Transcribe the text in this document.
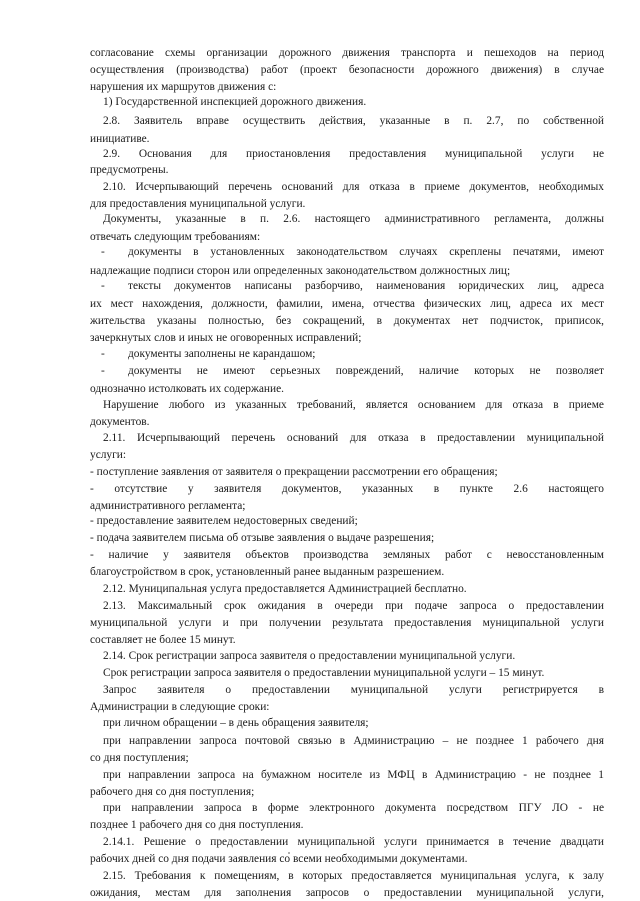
согласование схемы организации дорожного движения транспорта и пешеходов на период
осуществления (производства) работ (проект безопасности дорожного движения) в случае
нарушения их маршрутов движения с:
1) Государственной инспекцией дорожного движения.
2.8. Заявитель вправе осуществить действия, указанные в п. 2.7, по собственной
инициативе.
2.9. Основания для приостановления предоставления муниципальной услуги не
предусмотрены.
2.10. Исчерпывающий перечень оснований для отказа в приеме документов, необходимых
для предоставления муниципальной услуги.
Документы, указанные в п. 2.6. настоящего административного регламента, должны
отвечать следующим требованиям:
документы в установленных законодательством случаях скреплены печатями, имеют
-
надлежащие подписи сторон или определенных законодательством должностных лиц;
тексты документов написаны разборчиво, наименования юридических лиц, адреса
-
их мест нахождения, должности, фамилии, имена, отчества физических лиц, адреса их мест
жительства указаны полностью, без сокращений, в документах нет подчисток, приписок,
зачеркнутых слов и иных не оговоренных исправлений;
документы заполнены не карандашом;
-
документы не имеют серьезных повреждений, наличие которых не позволяет
-
однозначно истолковать их содержание.
Нарушение любого из указанных требований, является основанием для отказа в приеме
документов.
2.11. Исчерпывающий перечень оснований для отказа в предоставлении муниципальной
услуги:
- поступление заявления от заявителя о прекращении рассмотрении его обращения;
- отсутствие у заявителя документов, указанных в пункте 2.6 настоящего
административного регламента;
- предоставление заявителем недостоверных сведений;
- подача заявителем письма об отзыве заявления о выдаче разрешения;
- наличие у заявителя объектов производства земляных работ с невосстановленным
благоустройством в срок, установленный ранее выданным разрешением.
2.12. Муниципальная услуга предоставляется Администрацией бесплатно.
2.13. Максимальный срок ожидания в очереди при подаче запроса о предоставлении
муниципальной услуги и при получении результата предоставления муниципальной услуги
составляет не более 15 минут.
2.14. Срок регистрации запроса заявителя о предоставлении муниципальной услуги.
Срок регистрации запроса заявителя о предоставлении муниципальной услуги – 15 минут.
Запрос заявителя о предоставлении муниципальной услуги регистрируется в
Администрации в следующие сроки:
при личном обращении – в день обращения заявителя;
при направлении запроса почтовой связью в Администрацию – не позднее 1 рабочего дня
со дня поступления;
при направлении запроса на бумажном носителе из МФЦ в Администрацию - не позднее 1
рабочего дня со дня поступления;
при направлении запроса в форме электронного документа посредством ПГУ ЛО - не
позднее 1 рабочего дня со дня поступления.
2.14.1. Решение о предоставлении муниципальной услуги принимается в течение двадцати
рабочих дней со дня подачи заявления со всеми необходимыми документами.
2.15. Требования к помещениям, в которых предоставляется муниципальная услуга, к залу
ожидания, местам для заполнения запросов о предоставлении муниципальной услуги,
